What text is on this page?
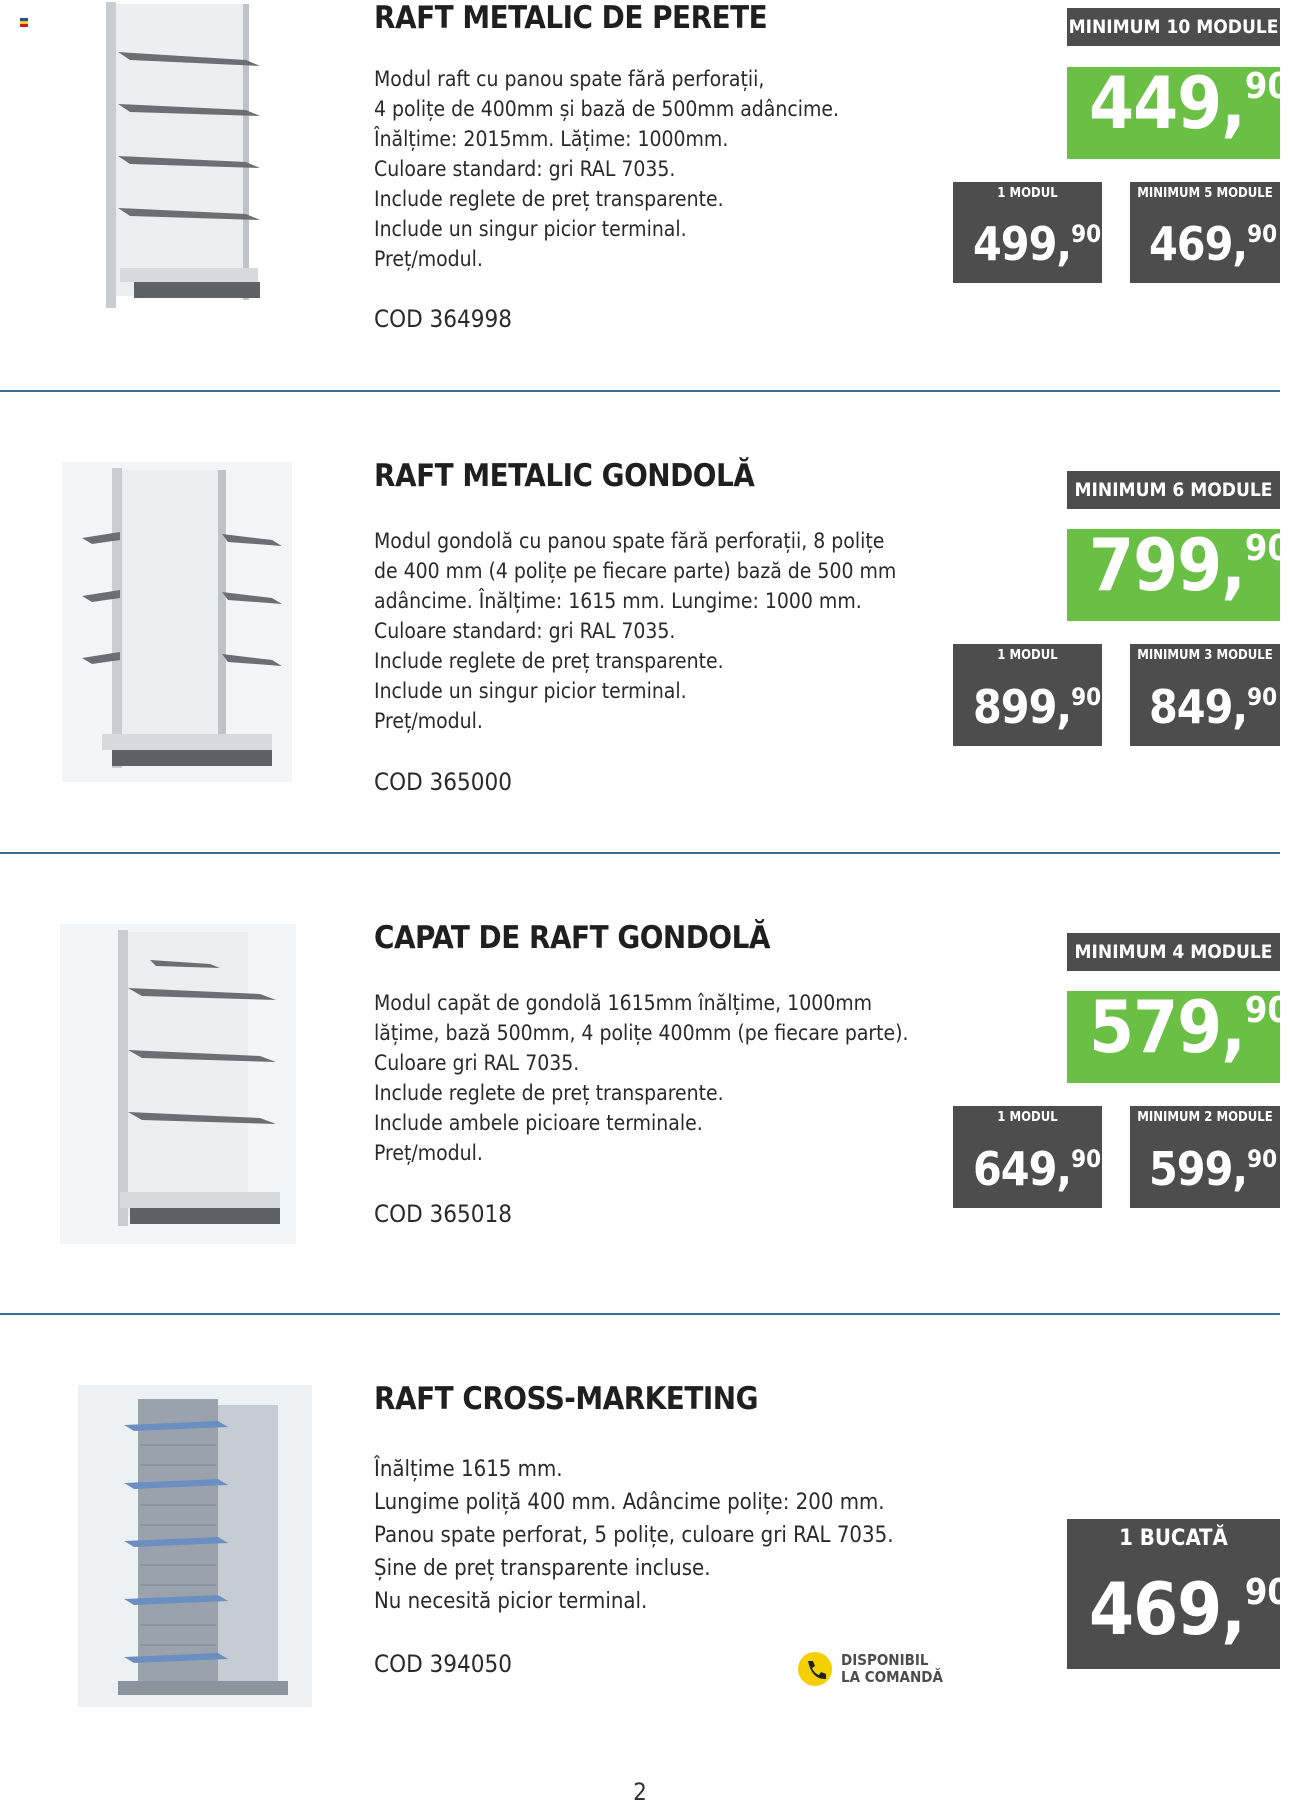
RAFT METALIC DE PERETE
Modul raft cu panou spate fără perforații,
4 polițe de 400mm și bază de 500mm adâncime.
Înălțime: 2015mm. Lățime: 1000mm.
Culoare standard: gri RAL 7035.
Include reglete de preț transparente.
Include un singur picior terminal.
Preț/modul.
COD 364998
MINIMUM 10 MODULE
449,90
1 MODUL
499,90
MINIMUM 5 MODULE
469,90
RAFT METALIC GONDOLĂ
Modul gondolă cu panou spate fără perforații, 8 polițe
de 400 mm (4 polițe pe fiecare parte) bază de 500 mm
adâncime. Înălțime: 1615 mm. Lungime: 1000 mm.
Culoare standard: gri RAL 7035.
Include reglete de preț transparente.
Include un singur picior terminal.
Preț/modul.
COD 365000
MINIMUM 6 MODULE
799,90
1 MODUL
899,90
MINIMUM 3 MODULE
849,90
CAPAT DE RAFT GONDOLĂ
Modul capăt de gondolă 1615mm înălțime, 1000mm
lățime, bază 500mm, 4 polițe 400mm (pe fiecare parte).
Culoare gri RAL 7035.
Include reglete de preț transparente.
Include ambele picioare terminale.
Preț/modul.
COD 365018
MINIMUM 4 MODULE
579,90
1 MODUL
649,90
MINIMUM 2 MODULE
599,90
RAFT CROSS-MARKETING
Înălțime 1615 mm.
Lungime poliță 400 mm. Adâncime polițe: 200 mm.
Panou spate perforat, 5 polițe, culoare gri RAL 7035.
Șine de preț transparente incluse.
Nu necesită picior terminal.
COD 394050	DISPONIBIL
LA COMANDĂ
1 BUCATĂ
469,90
2
